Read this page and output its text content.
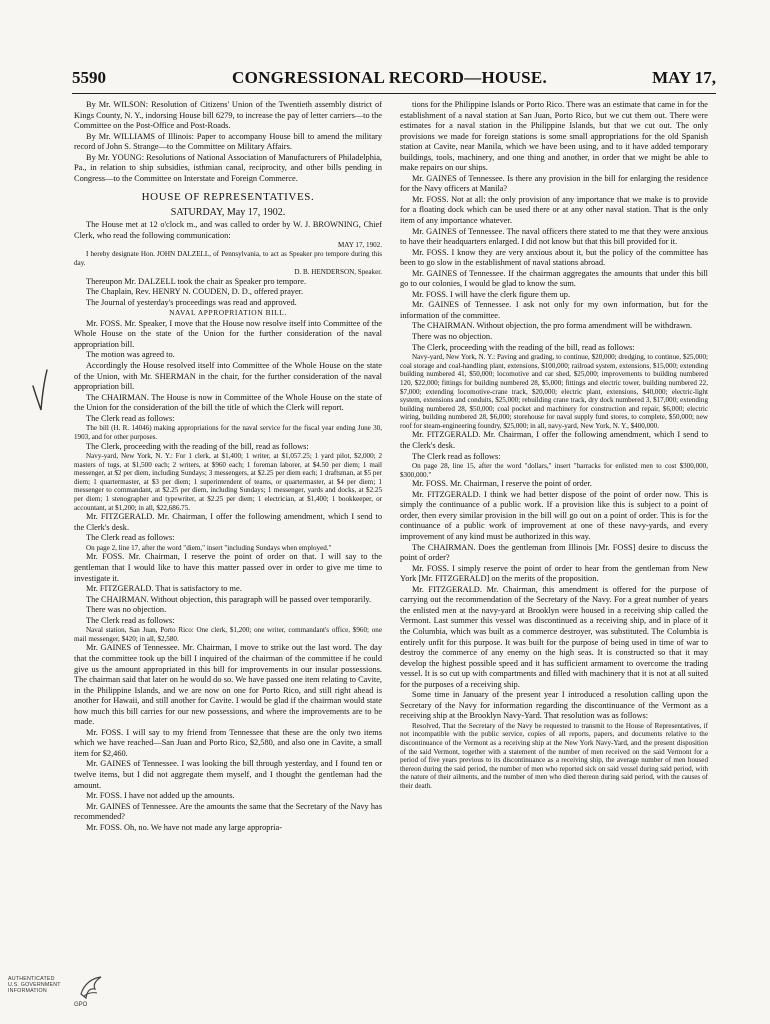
5590	CONGRESSIONAL RECORD—HOUSE.	MAY 17,

By Mr. WILSON: Resolution of Citizens' Union of the Twentieth assembly district of Kings County, N. Y., indorsing House bill 6279, to increase the pay of letter carriers—to the Committee on the Post-Office and Post-Roads.

By Mr. WILLIAMS of Illinois: Paper to accompany House bill to amend the military record of John S. Strange—to the Committee on Military Affairs.

By Mr. YOUNG: Resolutions of National Association of Manufacturers of Philadelphia, Pa., in relation to ship subsidies, isthmian canal, reciprocity, and other bills pending in Congress—to the Committee on Interstate and Foreign Commerce.

HOUSE OF REPRESENTATIVES.

SATURDAY, May 17, 1902.

The House met at 12 o'clock m., and was called to order by W. J. BROWNING, Chief Clerk, who read the following communication:

MAY 17, 1902.

I hereby designate Hon. JOHN DALZELL, of Pennsylvania, to act as Speaker pro tempore during this day.

D. B. HENDERSON, Speaker.

Thereupon Mr. DALZELL took the chair as Speaker pro tempore.

The Chaplain, Rev. HENRY N. COUDEN, D. D., offered prayer.

The Journal of yesterday's proceedings was read and approved.

NAVAL APPROPRIATION BILL.

Mr. FOSS. Mr. Speaker, I move that the House now resolve itself into Committee of the Whole House on the state of the Union for the further consideration of the naval appropriation bill.

The motion was agreed to.

Accordingly the House resolved itself into Committee of the Whole House on the state of the Union, with Mr. SHERMAN in the chair, for the further consideration of the naval appropriation bill.

The CHAIRMAN. The House is now in Committee of the Whole House on the state of the Union for the consideration of the bill the title of which the Clerk will report.

The Clerk read as follows:

The bill (H. R. 14046) making appropriations for the naval service for the fiscal year ending June 30, 1903, and for other purposes.

The Clerk, proceeding with the reading of the bill, read as follows:

Navy-yard, New York, N. Y.: For 1 clerk, at $1,400; 1 writer, at $1,057.25; 1 yard pilot, $2,000; 2 masters of tugs, at $1,500 each; 2 writers, at $960 each; 1 foreman laborer, at $4.50 per diem; 1 mail messenger, at $2 per diem, including Sundays; 3 messengers, at $2.25 per diem each; 1 draftsman, at $5 per diem; 1 quartermaster, at $3 per diem; 1 superintendent of teams, or quartermaster, at $4 per diem; 1 messenger to commandant, at $2.25 per diem, including Sundays; 1 messenger, yards and docks, at $2.25 per diem; 1 stenographer and typewriter, at $2.25 per diem; 1 electrician, at $1,400; 1 bookkeeper, or accountant, at $1,200; in all, $22,686.75.

Mr. FITZGERALD. Mr. Chairman, I offer the following amendment, which I send to the Clerk's desk.

The Clerk read as follows:

On page 2, line 17, after the word "diem," insert "including Sundays when employed."

Mr. FOSS. Mr. Chairman, I reserve the point of order on that. I will say to the gentleman that I would like to have this matter passed over in order to give me time to investigate it.

Mr. FITZGERALD. That is satisfactory to me.

The CHAIRMAN. Without objection, this paragraph will be passed over temporarily.

There was no objection.

The Clerk read as follows:

Naval station, San Juan, Porto Rico: One clerk, $1,200; one writer, commandant's office, $960; one mail messenger, $420; in all, $2,580.

Mr. GAINES of Tennessee. Mr. Chairman, I move to strike out the last word. The day that the committee took up the bill I inquired of the chairman of the committee if he could give us the amount appropriated in this bill for improvements in our insular possessions. The chairman said that later on he would do so. We have passed one item relating to Cavite, in the Philippine Islands, and we are now on one for Porto Rico, and still right ahead is another for Hawaii, and still another for Cavite. I would be glad if the chairman would state how much this bill carries for our new possessions, and where the improvements are to be made.

Mr. FOSS. I will say to my friend from Tennessee that these are the only two items which we have reached—San Juan and Porto Rico, $2,580, and also one in Cavite, a small item for $2,460.

Mr. GAINES of Tennessee. I was looking the bill through yesterday, and I found ten or twelve items, but I did not aggregate them myself, and I thought the gentleman had the amount.

Mr. FOSS. I have not added up the amounts.

Mr. GAINES of Tennessee. Are the amounts the same that the Secretary of the Navy has recommended?

Mr. FOSS. Oh, no. We have not made any large appropria-

tions for the Philippine Islands or Porto Rico. There was an estimate that came in for the establishment of a naval station at San Juan, Porto Rico, but we cut them out. There were estimates for a naval station in the Philippine Islands, but that we cut out. The only provisions we made for foreign stations is some small appropriations for the old Spanish station at Cavite, near Manila, which we have been using, and to it have added temporary buildings, tools, machinery, and one thing and another, in order that we might be able to make repairs on our ships.

Mr. GAINES of Tennessee. Is there any provision in the bill for enlarging the residence for the Navy officers at Manila?

Mr. FOSS. Not at all: the only provision of any importance that we make is to provide for a floating dock which can be used there or at any other naval station. That is the only item of any importance whatever.

Mr. GAINES of Tennessee. The naval officers there stated to me that they were anxious to have their headquarters enlarged. I did not know but that this bill provided for it.

Mr. FOSS. I know they are very anxious about it, but the policy of the committee has been to go slow in the establishment of naval stations abroad.

Mr. GAINES of Tennessee. If the chairman aggregates the amounts that under this bill go to our colonies, I would be glad to know the sum.

Mr. FOSS. I will have the clerk figure them up.

Mr. GAINES of Tennessee. I ask not only for my own information, but for the information of the committee.

The CHAIRMAN. Without objection, the pro forma amendment will be withdrawn.

There was no objection.

The Clerk, proceeding with the reading of the bill, read as follows:

Navy-yard, New York, N. Y.: Paving and grading, to continue, $20,000; dredging, to continue, $25,000; coal storage and coal-handling plant, extensions, $100,000; railroad system, extensions, $15,000; extending building numbered 41, $50,000; locomotive and car shed, $25,000; improvements to building numbered 120, $22,000; fittings for building numbered 28, $5,000; fittings and electric tower, building numbered 22, $7,000; extending locomotive-crane track, $20,000; electric plant, extensions, $40,000; electric-light system, extensions and conduits, $25,000; rebuilding crane track, dry dock numbered 3, $17,000; extending building numbered 28, $50,000; coal pocket and machinery for construction and repair, $6,000; electric wiring, building numbered 28, $6,000; storehouse for naval supply fund stores, to complete, $50,000; new roof for steam-engineering foundry, $25,000; in all, navy-yard, New York, N. Y., $400,000.

Mr. FITZGERALD. Mr. Chairman, I offer the following amendment, which I send to the Clerk's desk.

The Clerk read as follows:

On page 28, line 15, after the word "dollars," insert "barracks for enlisted men to cost $300,000, $300,000."

Mr. FOSS. Mr. Chairman, I reserve the point of order.

Mr. FITZGERALD. I think we had better dispose of the point of order now. This is simply the continuance of a public work. If a provision like this is subject to a point of order, then every similar provision in the bill will go out on a point of order. This is for the continuance of a public work of improvement at one of these navy-yards, and every improvement of any kind must be authorized in this way.

The CHAIRMAN. Does the gentleman from Illinois [Mr. FOSS] desire to discuss the point of order?

Mr. FOSS. I simply reserve the point of order to hear from the gentleman from New York [Mr. FITZGERALD] on the merits of the proposition.

Mr. FITZGERALD. Mr. Chairman, this amendment is offered for the purpose of carrying out the recommendation of the Secretary of the Navy. For a great number of years the enlisted men at the navy-yard at Brooklyn were housed in a receiving ship called the Vermont. Last summer this vessel was discontinued as a receiving ship, and in place of it the Columbia, which was built as a commerce destroyer, was substituted. The Columbia is entirely unfit for this purpose. It was built for the purpose of being used in time of war to destroy the commerce of any enemy on the high seas. It is constructed so that it may develop the highest possible speed and it has sufficient armament to overcome the trading vessel. It is so cut up with compartments and filled with machinery that it is not at all suited for the purposes of a receiving ship.

Some time in January of the present year I introduced a resolution calling upon the Secretary of the Navy for information regarding the discontinuance of the Vermont as a receiving ship at the Brooklyn Navy-Yard. That resolution was as follows:

Resolved, That the Secretary of the Navy be requested to transmit to the House of Representatives, if not incompatible with the public service, copies of all reports, papers, and documents relative to the discontinuance of the Vermont as a receiving ship at the New York Navy-Yard, and the present disposition of the said Vermont, together with a statement of the number of men received on the said Vermont for a period of five years previous to its discontinuance as a receiving ship, the average number of men housed thereon during the said period, the number of men who reported sick on said vessel during said period, with the nature of their ailments, and the number of men who died thereon during said period, with the causes of their death.

AUTHENTICATED
U.S. GOVERNMENT
INFORMATION
GPO
